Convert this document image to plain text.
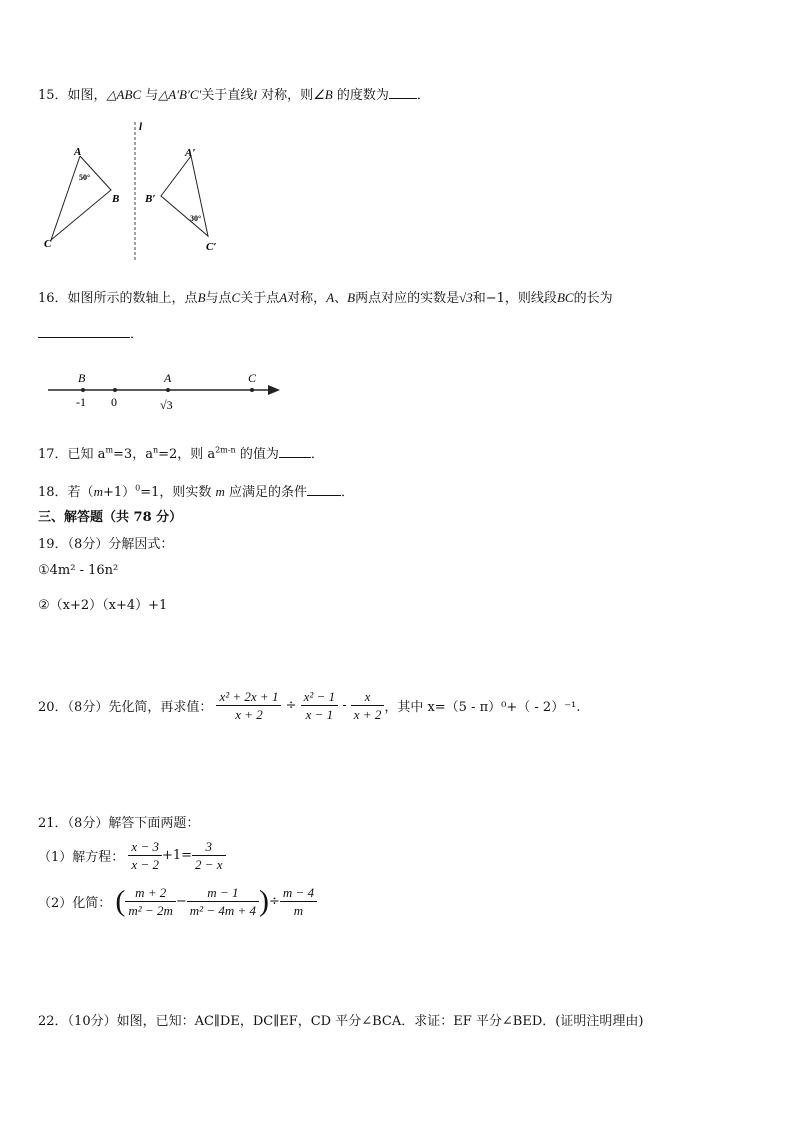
15．如图，△ABC 与△A′B′C′关于直线l 对称，则∠B 的度数为 ．
l
A
B
C
50°
A′
B′
C′
30°
16．如图所示的数轴上，点B与点C关于点A对称，A、B两点对应的实数是√3和−1，则线段BC的长为
．
B	A	C
-1 0	√3
17．已知 $a^m=3$，$a^n=2$，则 $a^{2m-n}$ 的值为 ．
18．若$(m+1)^0=1$，则实数 m 应满足的条件	．
三、解答题（共 78 分）
19．（8分）分解因式：
①4m² - 16n²
②（x+2）（x+4）+1
20．（8分）先化简，再求值： $\frac{\text{x² + 2x + 1}}{x + 2} \div \frac{\text{x² − 1}}{x - 1} - \frac{x}{x + 2}$ ，其中 x=（5 - π）⁰+（ - 2）⁻¹.
21．（8分）解答下面两题：
（1）解方程： $\frac{x - 3}{x - 2} +1= \frac{3}{2 - x}$
（2）化简： ( $\frac{m + 2}{\text{m² − 2m}} - \frac{m - 1}{\text{m² − 4m + 4}}$ )÷ $\frac{m - 4}{m}$
22．（10分）如图，已知：AC∥DE，DC∥EF，CD 平分∠BCA．求证：EF 平分∠BED．(证明注明理由)
